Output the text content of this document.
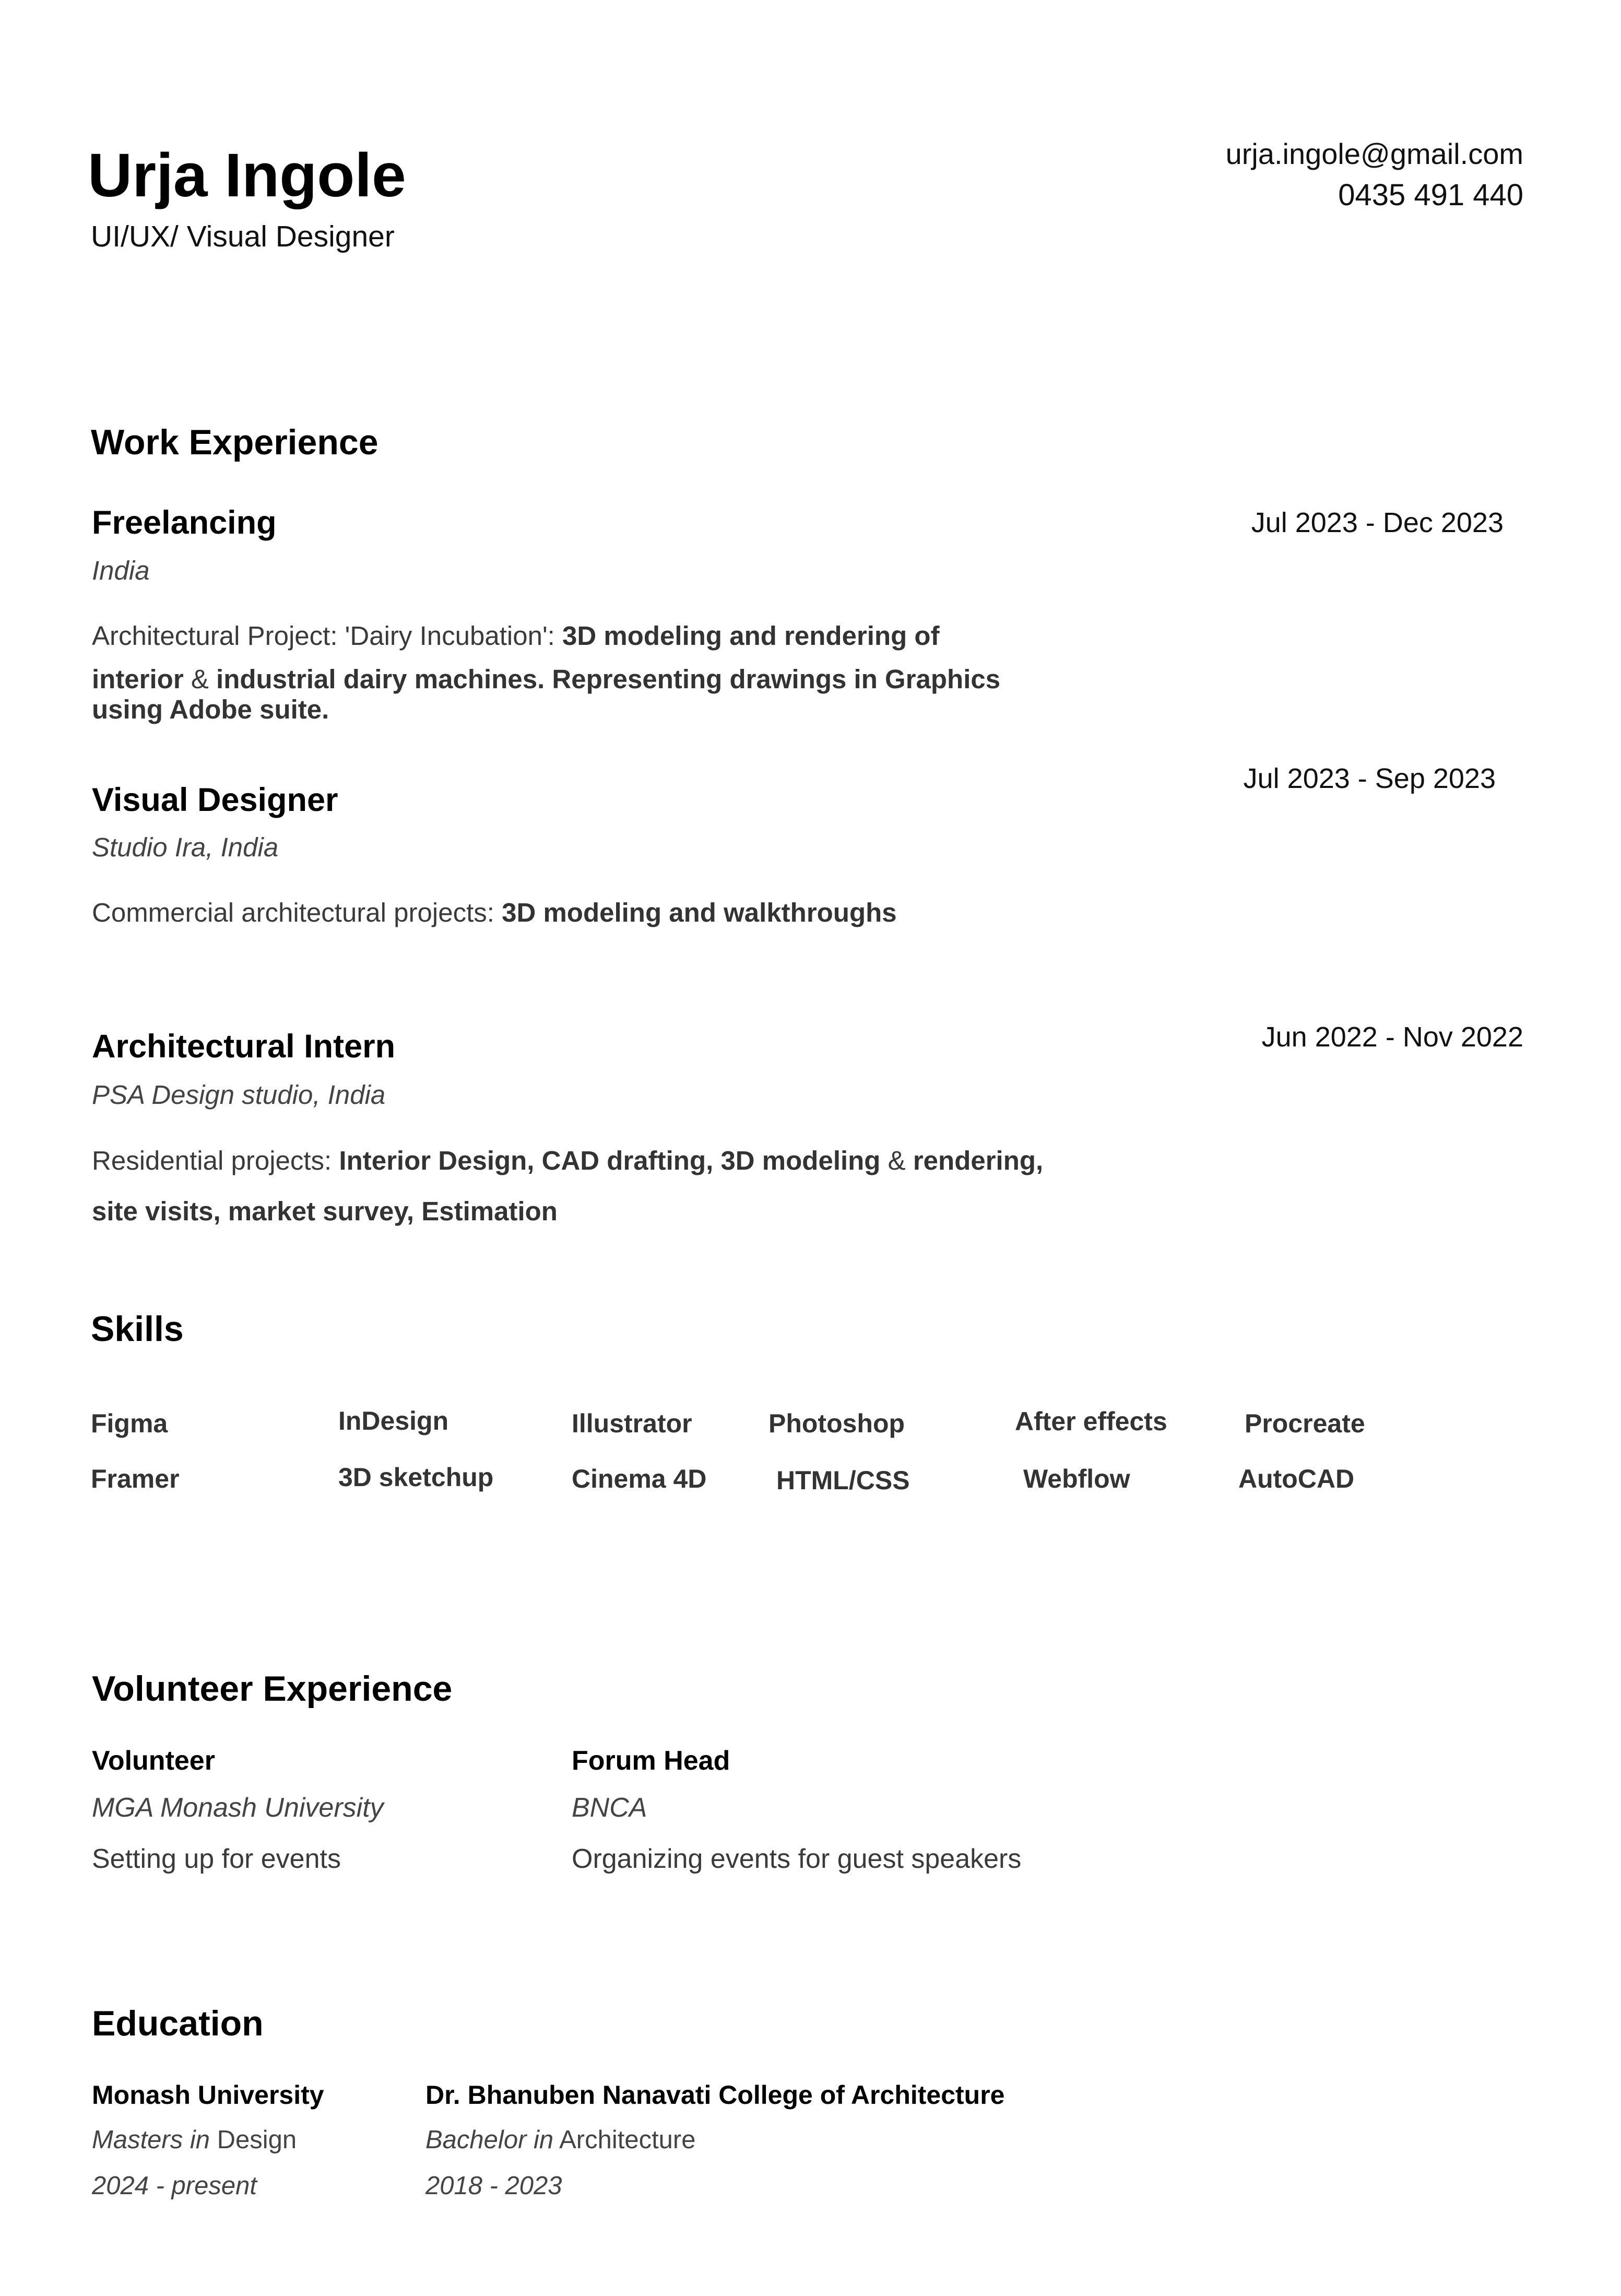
Urja Ingole
UI/UX/ Visual Designer
urja.ingole@gmail.com
0435 491 440
Work Experience
Freelancing
India
Jul 2023 - Dec 2023
Architectural Project: 'Dairy Incubation': 3D modeling and rendering of
interior & industrial dairy machines. Representing drawings in Graphics
using Adobe suite.
Visual Designer
Studio Ira, India
Jul 2023 - Sep 2023
Commercial architectural projects: 3D modeling and walkthroughs
Architectural Intern
PSA Design studio, India
Jun 2022 - Nov 2022
Residential projects: Interior Design, CAD drafting, 3D modeling & rendering,
site visits, market survey, Estimation
Skills
Figma	InDesign	Illustrator	Photoshop	After effects	Procreate
Framer	3D sketchup	Cinema 4D	HTML/CSS	Webflow	AutoCAD
Volunteer Experience
Volunteer
MGA Monash University
Setting up for events
Forum Head
BNCA
Organizing events for guest speakers
Education
Monash University
Masters in Design
2024 - present
Dr. Bhanuben Nanavati College of Architecture
Bachelor in Architecture
2018 - 2023
